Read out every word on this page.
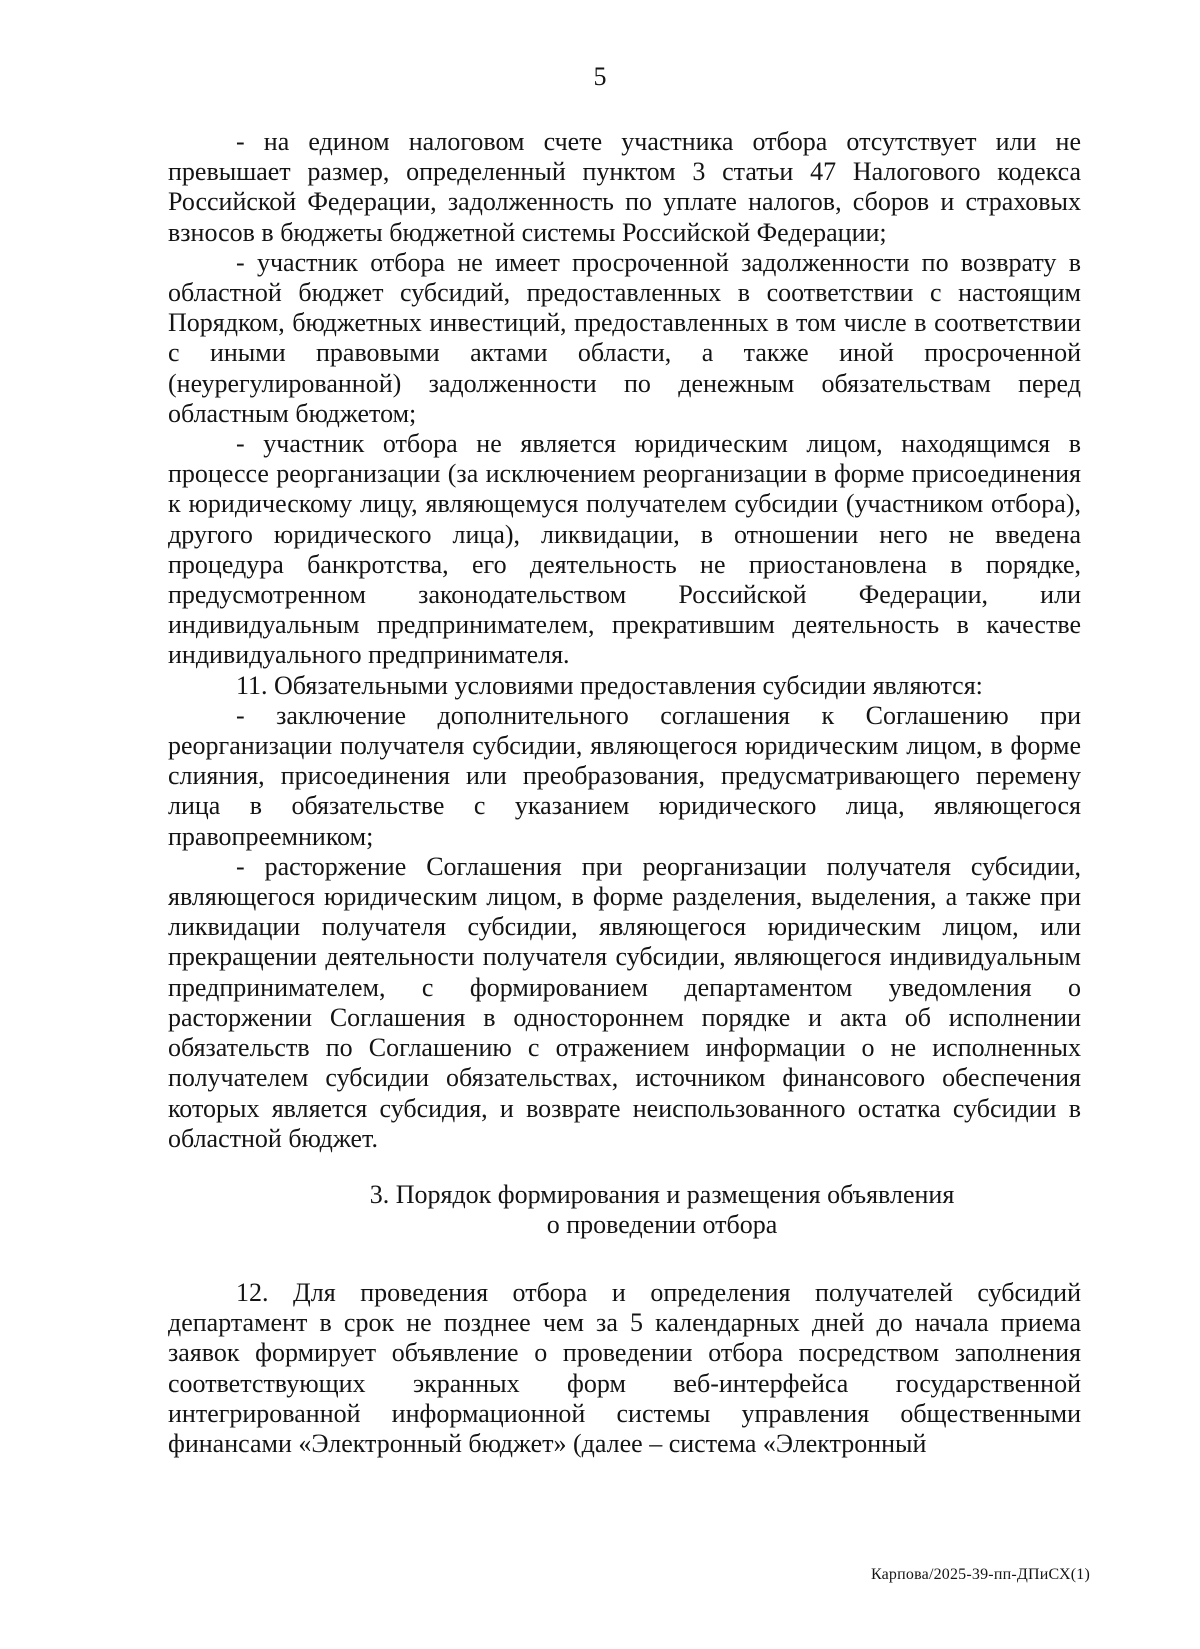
5

- на едином налоговом счете участника отбора отсутствует или не превышает размер, определенный пунктом 3 статьи 47 Налогового кодекса Российской Федерации, задолженность по уплате налогов, сборов и страховых взносов в бюджеты бюджетной системы Российской Федерации;

- участник отбора не имеет просроченной задолженности по возврату в областной бюджет субсидий, предоставленных в соответствии с настоящим Порядком, бюджетных инвестиций, предоставленных в том числе в соответствии с иными правовыми актами области, а также иной просроченной (неурегулированной) задолженности по денежным обязательствам перед областным бюджетом;

- участник отбора не является юридическим лицом, находящимся в процессе реорганизации (за исключением реорганизации в форме присоединения к юридическому лицу, являющемуся получателем субсидии (участником отбора), другого юридического лица), ликвидации, в отношении него не введена процедура банкротства, его деятельность не приостановлена в порядке, предусмотренном законодательством Российской Федерации, или индивидуальным предпринимателем, прекратившим деятельность в качестве индивидуального предпринимателя.

11. Обязательными условиями предоставления субсидии являются:

- заключение дополнительного соглашения к Соглашению при реорганизации получателя субсидии, являющегося юридическим лицом, в форме слияния, присоединения или преобразования, предусматривающего перемену лица в обязательстве с указанием юридического лица, являющегося правопреемником;

- расторжение Соглашения при реорганизации получателя субсидии, являющегося юридическим лицом, в форме разделения, выделения, а также при ликвидации получателя субсидии, являющегося юридическим лицом, или прекращении деятельности получателя субсидии, являющегося индивидуальным предпринимателем, с формированием департаментом уведомления о расторжении Соглашения в одностороннем порядке и акта об исполнении обязательств по Соглашению с отражением информации о не исполненных получателем субсидии обязательствах, источником финансового обеспечения которых является субсидия, и возврате неиспользованного остатка субсидии в областной бюджет.

3. Порядок формирования и размещения объявления
о проведении отбора

12. Для проведения отбора и определения получателей субсидий департамент в срок не позднее чем за 5 календарных дней до начала приема заявок формирует объявление о проведении отбора посредством заполнения соответствующих экранных форм веб-интерфейса государственной интегрированной информационной системы управления общественными финансами «Электронный бюджет» (далее – система «Электронный

Карпова/2025-39-пп-ДПиСХ(1)
